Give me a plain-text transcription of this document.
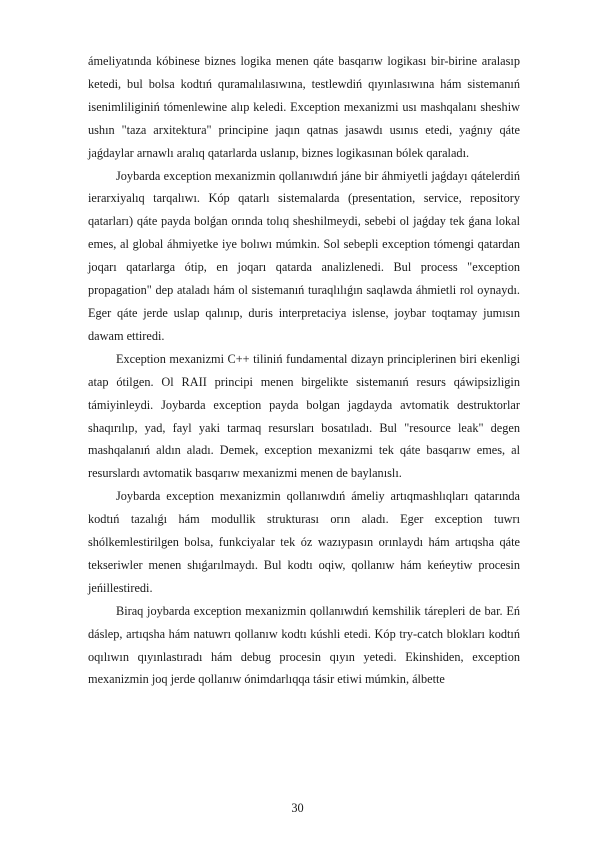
ámeliyatında kóbinese biznes logika menen qáte basqarıw logikası bir-birine aralasıp ketedi, bul bolsa kodtıń quramalılasıwına, testlewdiń qıyınlasıwına hám sistemanıń isenimliliginiń tómenlewine alıp keledi. Exception mexanizmi usı mashqalanı sheshiw ushın "taza arxitektura" principine jaqın qatnas jasawdı usınıs etedi, yaǵnıy qáte jaǵdaylar arnawlı aralıq qatarlarda uslanıp, biznes logikasınan bólek qaraladı.

Joybarda exception mexanizmin qollanıwdıń jáne bir áhmiyetli jaǵdayı qátelerdiń ierarxiyalıq tarqalıwı. Kóp qatarlı sistemalarda (presentation, service, repository qatarları) qáte payda bolǵan orında tolıq sheshilmeydi, sebebi ol jaǵday tek ǵana lokal emes, al global áhmiyetke iye bolıwı múmkin. Sol sebepli exception tómengi qatardan joqarı qatarlarga ótip, en joqarı qatarda analizlenedi. Bul process "exception propagation" dep ataladı hám ol sistemanıń turaqlılıǵın saqlawda áhmietli rol oynaydı. Eger qáte jerde uslap qalınıp, duris interpretaciya islense, joybar toqtamay jumısın dawam ettiredi.

Exception mexanizmi C++ tiliniń fundamental dizayn principlerinen biri ekenligi atap ótilgen. Ol RAII principi menen birgelikte sistemanıń resurs qáwipsizligin támiyinleydi. Joybarda exception payda bolgan jagdayda avtomatik destruktorlar shaqırılıp, yad, fayl yaki tarmaq resursları bosatıladı. Bul "resource leak" degen mashqalanıń aldın aladı. Demek, exception mexanizmi tek qáte basqarıw emes, al resurslardı avtomatik basqarıw mexanizmi menen de baylanıslı.

Joybarda exception mexanizmin qollanıwdıń ámeliy artıqmashlıqları qatarında kodtıń tazalıǵı hám modullik strukturası orın aladı. Eger exception tuwrı shólkemlestirilgen bolsa, funkciyalar tek óz wazıypasın orınlaydı hám artıqsha qáte tekseriwler menen shıǵarılmaydı. Bul kodtı oqiw, qollanıw hám keńeytiw procesin jeńillestiredi.

Biraq joybarda exception mexanizmin qollanıwdıń kemshilik tárepleri de bar. Eń dáslep, artıqsha hám natuwrı qollanıw kodtı kúshli etedi. Kóp try-catch blokları kodtıń oqılıwın qıyınlastıradı hám debug procesin qıyın yetedi. Ekinshiden, exception mexanizmin joq jerde qollanıw ónimdarlıqqa tásir etiwi múmkin, álbette

30
